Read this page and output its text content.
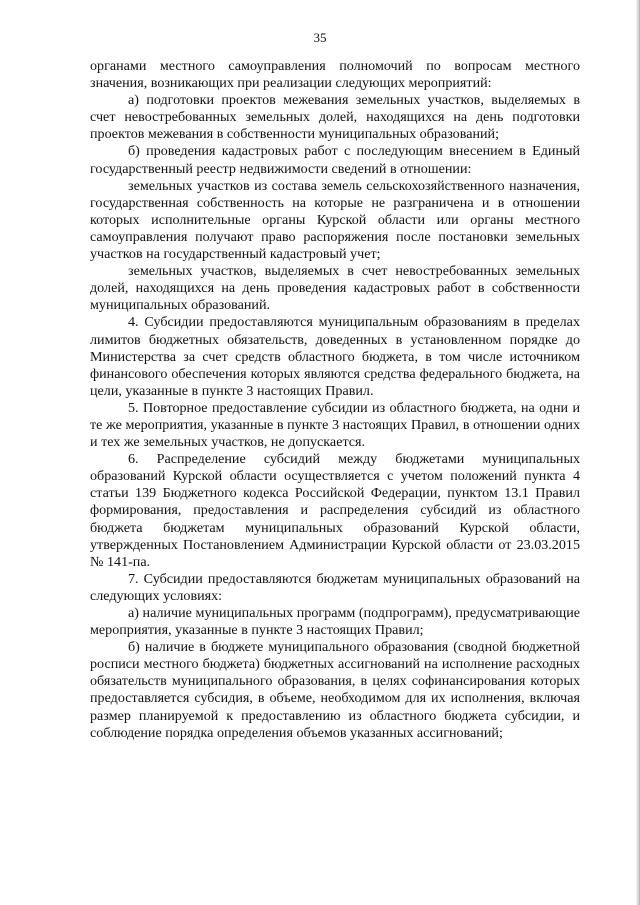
35

органами местного самоуправления полномочий по вопросам местного значения, возникающих при реализации следующих мероприятий:

а) подготовки проектов межевания земельных участков, выделяемых в счет невостребованных земельных долей, находящихся на день подготовки проектов межевания в собственности муниципальных образований;

б) проведения кадастровых работ с последующим внесением в Единый государственный реестр недвижимости сведений в отношении:

земельных участков из состава земель сельскохозяйственного назначения, государственная собственность на которые не разграничена и в отношении которых исполнительные органы Курской области или органы местного самоуправления получают право распоряжения после постановки земельных участков на государственный кадастровый учет;

земельных участков, выделяемых в счет невостребованных земельных долей, находящихся на день проведения кадастровых работ в собственности муниципальных образований.

4. Субсидии предоставляются муниципальным образованиям в пределах лимитов бюджетных обязательств, доведенных в установленном порядке до Министерства за счет средств областного бюджета, в том числе источником финансового обеспечения которых являются средства федерального бюджета, на цели, указанные в пункте 3 настоящих Правил.

5. Повторное предоставление субсидии из областного бюджета, на одни и те же мероприятия, указанные в пункте 3 настоящих Правил, в отношении одних и тех же земельных участков, не допускается.

6. Распределение субсидий между бюджетами муниципальных образований Курской области осуществляется с учетом положений пункта 4 статьи 139 Бюджетного кодекса Российской Федерации, пунктом 13.1 Правил формирования, предоставления и распределения субсидий из областного бюджета бюджетам муниципальных образований Курской области, утвержденных Постановлением Администрации Курской области от 23.03.2015 № 141-па.

7. Субсидии предоставляются бюджетам муниципальных образований на следующих условиях:

а) наличие муниципальных программ (подпрограмм), предусматривающие мероприятия, указанные в пункте 3 настоящих Правил;

б) наличие в бюджете муниципального образования (сводной бюджетной росписи местного бюджета) бюджетных ассигнований на исполнение расходных обязательств муниципального образования, в целях софинансирования которых предоставляется субсидия, в объеме, необходимом для их исполнения, включая размер планируемой к предоставлению из областного бюджета субсидии, и соблюдение порядка определения объемов указанных ассигнований;
